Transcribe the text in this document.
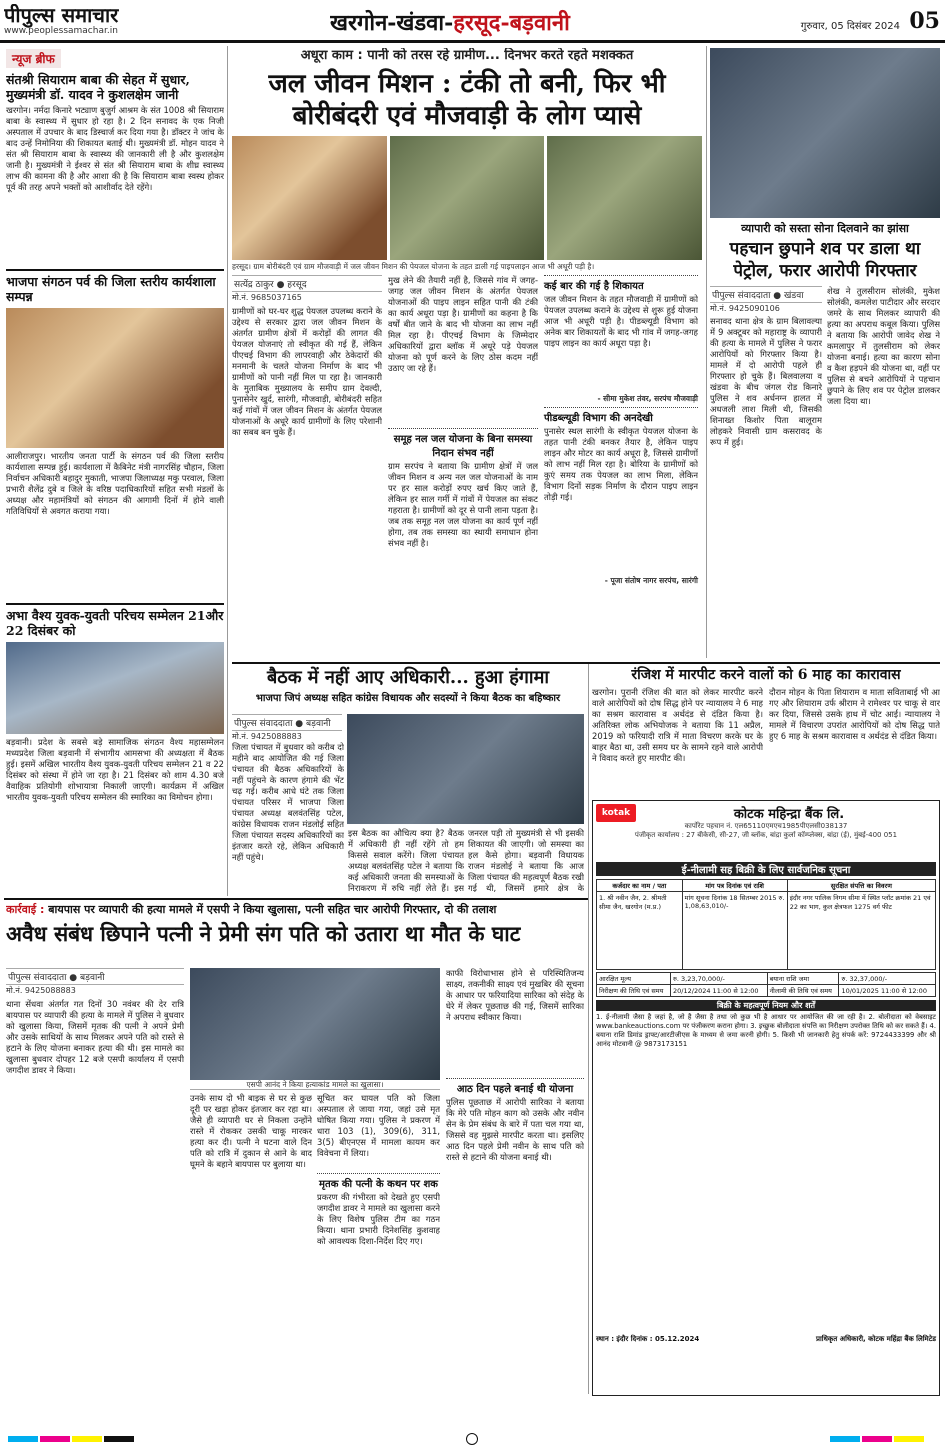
पीपुल्स समाचार
www.peoplessamachar.in	खरगोन-खंडवा-हरसूद-बड़वानी	गुरुवार, 05 दिसंबर 2024 05
न्यूज ब्रीफ
संतश्री सियाराम बाबा की सेहत में सुधार, मुख्यमंत्री डॉ. यादव ने कुशलक्षेम जानी
खरगोन। नर्मदा किनारे भट्याण बुजुर्ग आश्रम के संत 1008 श्री सियाराम बाबा के स्वास्थ्य में सुधार हो रहा है। 2 दिन सनावद के एक निजी अस्पताल में उपचार के बाद डिस्चार्ज कर दिया गया है। डॉक्टर ने जांच के बाद उन्हें निमोनिया की शिकायत बताई थी। मुख्यमंत्री डॉ. मोहन यादव ने संत श्री सियाराम बाबा के स्वास्थ्य की जानकारी ली है और कुशलक्षेम जानी है। मुख्यमंत्री ने ईश्वर से संत श्री सियाराम बाबा के शीघ्र स्वास्थ्य लाभ की कामना की है और आशा की है कि सियाराम बाबा स्वस्थ होकर पूर्व की तरह अपने भक्तों को आशीर्वाद देते रहेंगे।
भाजपा संगठन पर्व की जिला स्तरीय कार्यशाला सम्पन्न
आलीराजपुर। भारतीय जनता पार्टी के संगठन पर्व की जिला स्तरीय कार्यशाला सम्पन्न हुई। कार्यशाला में कैबिनेट मंत्री नागरसिंह चौहान, जिला निर्वाचन अधिकारी बहादुर मुकाती, भाजपा जिलाध्यक्ष मकु परवाल, जिला प्रभारी शैलेंद्र दुबे व जिले के वरिष्ठ पदाधिकारियों सहित सभी मंडलों के अध्यक्ष और महामंत्रियों को संगठन की आगामी दिनों में होने वाली गतिविधियों से अवगत कराया गया।
अभा वैश्य युवक-युवती परिचय सम्मेलन 21और 22 दिसंबर को
बड़वानी। प्रदेश के सबसे बड़े सामाजिक संगठन वैश्य महासम्मेलन मध्यप्रदेश जिला बड़वानी में संभागीय आमसभा की अध्यक्षता में बैठक हुई। इसमें अखिल भारतीय वैश्य युवक-युवती परिचय सम्मेलन 21 व 22 दिसंबर को संस्था में होने जा रहा है। 21 दिसंबर को शाम 4.30 बजे वैवाहिक प्रतियोगी शोभायात्रा निकाली जाएगी। कार्यक्रम में अखिल भारतीय युवक-युवती परिचय सम्मेलन की स्मारिका का विमोचन होगा।
अधूरा काम : पानी को तरस रहे ग्रामीण... दिनभर करते रहते मशक्कत
जल जीवन मिशन : टंकी तो बनी, फिर भी
बोरीबंदरी एवं मौजवाड़ी के लोग प्यासे
हरसूद। ग्राम बोरीबंदरी एवं ग्राम मौजवाड़ी में जल जीवन मिशन की पेयजल योजना के तहत डाली गई पाइपलाइन आज भी अधूरी पड़ी है।
सत्येंद्र ठाकुर ● हरसूद
मो.नं. 9685037165
ग्रामीणों को घर-घर शुद्ध पेयजल उपलब्ध कराने के उद्देश्य से सरकार द्वारा जल जीवन मिशन के अंतर्गत ग्रामीण क्षेत्रों में करोड़ों की लागत की पेयजल योजनाएं तो स्वीकृत की गई हैं, लेकिन पीएचई विभाग की लापरवाही और ठेकेदारों की मनमानी के चलते योजना निर्माण के बाद भी ग्रामीणों को पानी नहीं मिल पा रहा है। जानकारी के मुताबिक मुख्यालय के समीप ग्राम देवल्दी, पुनासेनेर खुर्द, सारंगी, मौजवाड़ी, बोरीबंदरी सहित कई गांवों में जल जीवन मिशन के अंतर्गत पेयजल योजनाओं के अधूरे कार्य ग्रामीणों के लिए परेशानी का सबब बन चुके हैं।
मुख लेने की तैयारी नहीं है, जिससे गांव में जगह-जगह जल जीवन मिशन के अंतर्गत पेयजल योजनाओं की पाइप लाइन सहित पानी की टंकी का कार्य अधूरा पड़ा है। ग्रामीणों का कहना है कि वर्षों बीत जाने के बाद भी योजना का लाभ नहीं मिल रहा है। पीएचई विभाग के जिम्मेदार अधिकारियों द्वारा ब्लॉक में अधूरे पड़े पेयजल योजना को पूर्ण करने के लिए ठोस कदम नहीं उठाए जा रहे हैं।
समूह नल जल योजना के बिना समस्या निदान संभव नहीं
ग्राम सरपंच ने बताया कि ग्रामीण क्षेत्रों में जल जीवन मिशन व अन्य नल जल योजनाओं के नाम पर हर साल करोड़ों रुपए खर्च किए जाते हैं, लेकिन हर साल गर्मी में गांवों में पेयजल का संकट गहराता है। ग्रामीणों को दूर से पानी लाना पड़ता है। जब तक समूह नल जल योजना का कार्य पूर्ण नहीं होगा, तब तक समस्या का स्थायी समाधान होना संभव नहीं है।
कई बार की गई है शिकायत
जल जीवन मिशन के तहत मौजवाड़ी में ग्रामीणों को पेयजल उपलब्ध कराने के उद्देश्य से शुरू हुई योजना आज भी अधूरी पड़ी है। पीडब्ल्यूडी विभाग को अनेक बार शिकायतों के बाद भी गांव में जगह-जगह पाइप लाइन का कार्य अधूरा पड़ा है।
- सीमा मुकेश तंवर, सरपंच मौजवाड़ी
पीडब्ल्यूडी विभाग की अनदेखी
पुनासेर स्थल सारंगी के स्वीकृत पेयजल योजना के तहत पानी टंकी बनकर तैयार है, लेकिन पाइप लाइन और मोटर का कार्य अधूरा है, जिससे ग्रामीणों को लाभ नहीं मिल रहा है। बोरिया के ग्रामीणों को कुएं समय तक पेयजल का लाभ मिला, लेकिन विभाग दिनों सड़क निर्माण के दौरान पाइप लाइन तोड़ी गई।
- पूजा संतोष नागर सरपंच, सारंगी
व्यापारी को सस्ता सोना दिलवाने का झांसा
पहचान छुपाने शव पर डाला था पेट्रोल, फरार आरोपी गिरफ्तार
पीपुल्स संवाददाता ● खंडवा
मो.नं. 9425090106
सनावद थाना क्षेत्र के ग्राम बिलावल्या में 9 अक्टूबर को महाराष्ट्र के व्यापारी की हत्या के मामले में पुलिस ने फरार आरोपियों को गिरफ्तार किया है। मामले में दो आरोपी पहले ही गिरफ्तार हो चुके हैं। बिलवालया व खंडवा के बीच जंगल रोड किनारे पुलिस ने शव अर्धनग्न हालत में अधजली लाश मिली थी, जिसकी शिनाख्त किशोर पिता बालूराम लोहकरे निवासी ग्राम कसरावद के रूप में हुई।
शेख ने तुलसीराम सोलंकी, मुकेश सोलंकी, कमलेश पाटीदार और सरदार जमरे के साथ मिलकर व्यापारी की हत्या का अपराध कबूल किया। पुलिस ने बताया कि आरोपी जावेद शेख ने कमलापुर में तुलसीराम को लेकर योजना बनाई। हत्या का कारण सोना व कैश हड़पने की योजना था, वहीं पर पुलिस से बचने आरोपियों ने पहचान छुपाने के लिए शव पर पेट्रोल डालकर जला दिया था।
बैठक में नहीं आए अधिकारी... हुआ हंगामा
भाजपा जिपं अध्यक्ष सहित कांग्रेस विधायक और सदस्यों ने किया बैठक का बहिष्कार
पीपुल्स संवाददाता ● बड़वानी
मो.नं. 9425088883
जिला पंचायत में बुधवार को करीब दो महीने बाद आयोजित की गई जिला पंचायत की बैठक अधिकारियों के नहीं पहुंचने के कारण हंगामे की भेंट चढ़ गई। करीब आधे घंटे तक जिला पंचायत परिसर में भाजपा जिला पंचायत अध्यक्ष बलवंतसिंह पटेल, कांग्रेस विधायक राजन मंडलोई सहित जिला पंचायत सदस्य अधिकारियों का इंतजार करते रहे, लेकिन अधिकारी नहीं पहुंचे।
इस बैठक का औचित्य क्या है? बैठक में अधिकारी ही नहीं रहेंगे तो हम किससे सवाल करेंगे। जिला पंचायत अध्यक्ष बलवंतसिंह पटेल ने बताया कि कई अधिकारी जनता की समस्याओं के निराकरण में रुचि नहीं लेते हैं। इस
जनरल पड़ी तो मुख्यमंत्री से भी इसकी शिकायत की जाएगी। जो समस्या का हल कैसे होगा। बड़वानी विधायक राजन मंडलोई ने बताया कि आज जिला पंचायत की महत्वपूर्ण बैठक रखी गई थी, जिसमें हमारे क्षेत्र के
रंजिश में मारपीट करने वालों को 6 माह का कारावास
खरगोन। पुरानी रंजिश की बात को लेकर मारपीट करने वाले आरोपियों को दोष सिद्ध होने पर न्यायालय ने 6 माह का सश्रम कारावास व अर्थदंड से दंडित किया है। अतिरिक्त लोक अभियोजक ने बताया कि 11 अप्रैल, 2019 को फरियादी रात्रि में माता विचरण करके घर के बाहर बैठा था, उसी समय घर के सामने रहने वाले आरोपी ने विवाद करते हुए मारपीट की।
दौरान मोहन के पिता शियाराम व माता सविताबाई भी आ गए और शियाराम उर्फ श्रीराम ने रामेश्वर पर चाकू से वार कर दिया, जिससे उसके हाथ में चोट आई। न्यायालय ने मामले में विचारण उपरांत आरोपियों को दोष सिद्ध पाते हुए 6 माह के सश्रम कारावास व अर्थदंड से दंडित किया।
kotak	कोटक महिन्द्रा बैंक लि.
कार्पोरेट पहचान नं. एल65110एमएच1985पीएलसी038137
पंजीकृत कार्यालय : 27 बीकेसी, सी-27, जी ब्लॉक, बांद्रा कुर्ला कॉम्प्लेक्स, बांद्रा (ई), मुंबई-400 051
ई-नीलामी सह बिक्री के लिए सार्वजनिक सूचना
कर्जदार का नाम / पता	मांग पत्र दिनांक एवं राशि	सुरक्षित संपत्ति का विवरण
1. श्री नवीन जैन, 2. श्रीमती सीमा जैन, खरगोन (म.प्र.)	मांग सूचना दिनांक 18 सितम्बर 2015 रु. 1,08,63,010/-	इंदौर नगर पालिक निगम सीमा में स्थित प्लॉट क्रमांक 21 एवं 22 का भाग, कुल क्षेत्रफल 1275 वर्ग फीट
आरक्षित मूल्य	रु. 3,23,70,000/-	बयाना राशि जमा	रु. 32,37,000/-
निरीक्षण की तिथि एवं समय	20/12/2024 11:00 से 12:00	नीलामी की तिथि एवं समय	10/01/2025 11:00 से 12:00
बिक्री के महत्वपूर्ण नियम और शर्तें
1. ई-नीलामी जैसा है जहां है, जो है जैसा है तथा जो कुछ भी है आधार पर आयोजित की जा रही है। 2. बोलीदाता को वेबसाइट www.bankeauctions.com पर पंजीकरण कराना होगा। 3. इच्छुक बोलीदाता संपत्ति का निरीक्षण उपरोक्त तिथि को कर सकते हैं। 4. बयाना राशि डिमांड ड्राफ्ट/आरटीजीएस के माध्यम से जमा करनी होगी। 5. किसी भी जानकारी हेतु संपर्क करें: 9724433399 और श्री आनंद मोटवानी @ 9873173151
स्थान : इंदौर दिनांक : 05.12.2024	प्राधिकृत अधिकारी, कोटक महिंद्रा बैंक लिमिटेड
कार्रवाई : बायपास पर व्यापारी की हत्या मामले में एसपी ने किया खुलासा, पत्नी सहित चार आरोपी गिरफ्तार, दो की तलाश
अवैध संबंध छिपाने पत्नी ने प्रेमी संग पति को उतारा था मौत के घाट
पीपुल्स संवाददाता ● बड़वानी
मो.नं. 9425088883
थाना सेंधवा अंतर्गत गत दिनों 30 नवंबर की देर रात्रि बायपास पर व्यापारी की हत्या के मामले में पुलिस ने बुधवार को खुलासा किया, जिसमें मृतक की पत्नी ने अपने प्रेमी और उसके साथियों के साथ मिलकर अपने पति को रास्ते से हटाने के लिए योजना बनाकर हत्या की थी। इस मामले का खुलासा बुधवार दोपहर 12 बजे एसपी कार्यालय में एसपी जगदीश डावर ने किया।
एसपी आनंद ने किया हत्याकांड मामले का खुलासा।
उनके साथ दो भी बाइक से घर से कुछ दूरी पर खड़ा होकर इंतजार कर रहा था। जैसे ही व्यापारी घर से निकला उन्होंने रास्ते में रोककर उसकी चाकू मारकर हत्या कर दी। पत्नी ने घटना वाले दिन पति को रात्रि में दुकान से आने के बाद घूमने के बहाने बायपास पर बुलाया था।
सूचित कर घायल पति को जिला अस्पताल ले जाया गया, जहां उसे मृत घोषित किया गया। पुलिस ने प्रकरण में धारा 103 (1), 309(6), 311, 3(5) बीएनएस में मामला कायम कर विवेचना में लिया।
मृतक की पत्नी के कथन पर शक
प्रकरण की गंभीरता को देखते हुए एसपी जगदीश डावर ने मामले का खुलासा करने के लिए विशेष पुलिस टीम का गठन किया। थाना प्रभारी दिनेशसिंह कुशवाह को आवश्यक दिशा-निर्देश दिए गए।
काफी विरोधाभास होने से परिस्थितिजन्य साक्ष्य, तकनीकी साक्ष्य एवं मुखबिर की सूचना के आधार पर फरियादिया सारिका को संदेह के घेरे में लेकर पूछताछ की गई, जिसमें सारिका ने अपराध स्वीकार किया।
आठ दिन पहले बनाई थी योजना
पुलिस पूछताछ में आरोपी सारिका ने बताया कि मेरे पति मोहन काग को उसके और नवीन सेन के प्रेम संबंध के बारे में पता चल गया था, जिससे वह मुझसे मारपीट करता था। इसलिए आठ दिन पहले प्रेमी नवीन के साथ पति को रास्ते से हटाने की योजना बनाई थी।
